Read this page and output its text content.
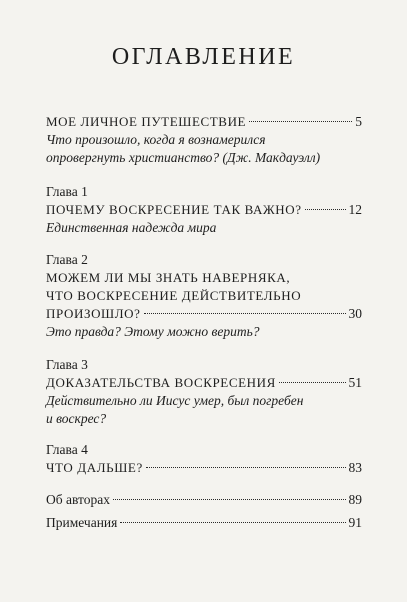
ОГЛАВЛЕНИЕ
МОЕ ЛИЧНОЕ ПУТЕШЕСТВИЕ	5
Что произошло, когда я вознамерился
опровергнуть христианство? (Дж. Макдауэлл)
Глава 1
ПОЧЕМУ ВОСКРЕСЕНИЕ ТАК ВАЖНО?	12
Единственная надежда мира
Глава 2
МОЖЕМ ЛИ МЫ ЗНАТЬ НАВЕРНЯКА,
ЧТО ВОСКРЕСЕНИЕ ДЕЙСТВИТЕЛЬНО
ПРОИЗОШЛО?	30
Это правда? Этому можно верить?
Глава 3
ДОКАЗАТЕЛЬСТВА ВОСКРЕСЕНИЯ	51
Действительно ли Иисус умер, был погребен
и воскрес?
Глава 4
ЧТО ДАЛЬШЕ?	83
Об авторах	89
Примечания	91
